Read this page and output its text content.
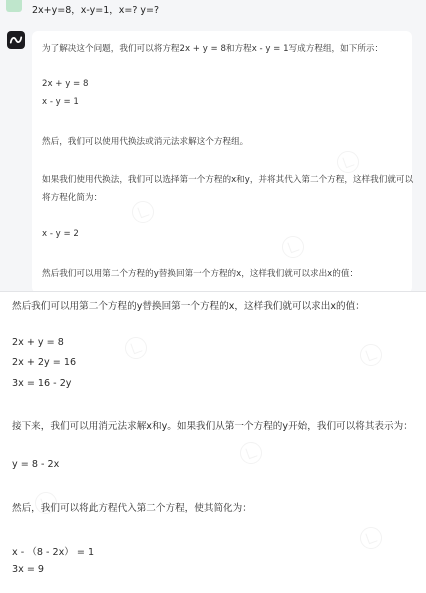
2x+y=8，x-y=1，x=? y=?
为了解决这个问题，我们可以将方程2x + y = 8和方程x - y = 1写成方程组，如下所示：
2x + y = 8
x - y = 1
然后，我们可以使用代换法或消元法求解这个方程组。
如果我们使用代换法，我们可以选择第一个方程的x和y，并将其代入第二个方程，这样我们就可以
将方程化简为：
x - y = 2
然后我们可以用第二个方程的y替换回第一个方程的x，这样我们就可以求出x的值：
然后我们可以用第二个方程的y替换回第一个方程的x，这样我们就可以求出x的值：
2x + y = 8
2x + 2y = 16
3x = 16 - 2y
接下来，我们可以用消元法求解x和y。如果我们从第一个方程的y开始，我们可以将其表示为：
y = 8 - 2x
然后，我们可以将此方程代入第二个方程，使其简化为：
x - （8 - 2x） = 1
3x = 9
